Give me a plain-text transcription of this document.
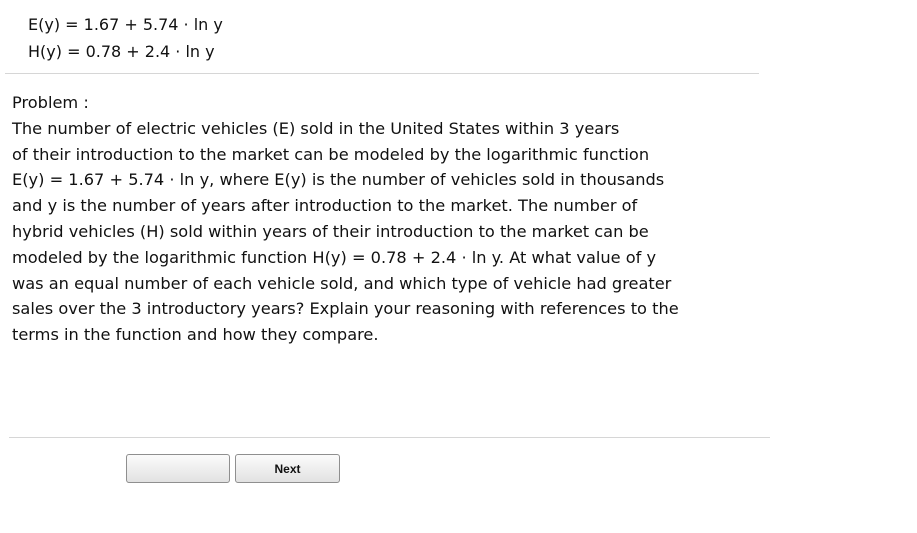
E(y) = 1.67 + 5.74 · ln y
H(y) = 0.78 + 2.4 · ln y
Problem :
The number of electric vehicles (E) sold in the United States within 3 years
of their introduction to the market can be modeled by the logarithmic function
E(y) = 1.67 + 5.74 · ln y, where E(y) is the number of vehicles sold in thousands
and y is the number of years after introduction to the market. The number of
hybrid vehicles (H) sold within years of their introduction to the market can be
modeled by the logarithmic function H(y) = 0.78 + 2.4 · ln y. At what value of y
was an equal number of each vehicle sold, and which type of vehicle had greater
sales over the 3 introductory years? Explain your reasoning with references to the
terms in the function and how they compare.
Next
